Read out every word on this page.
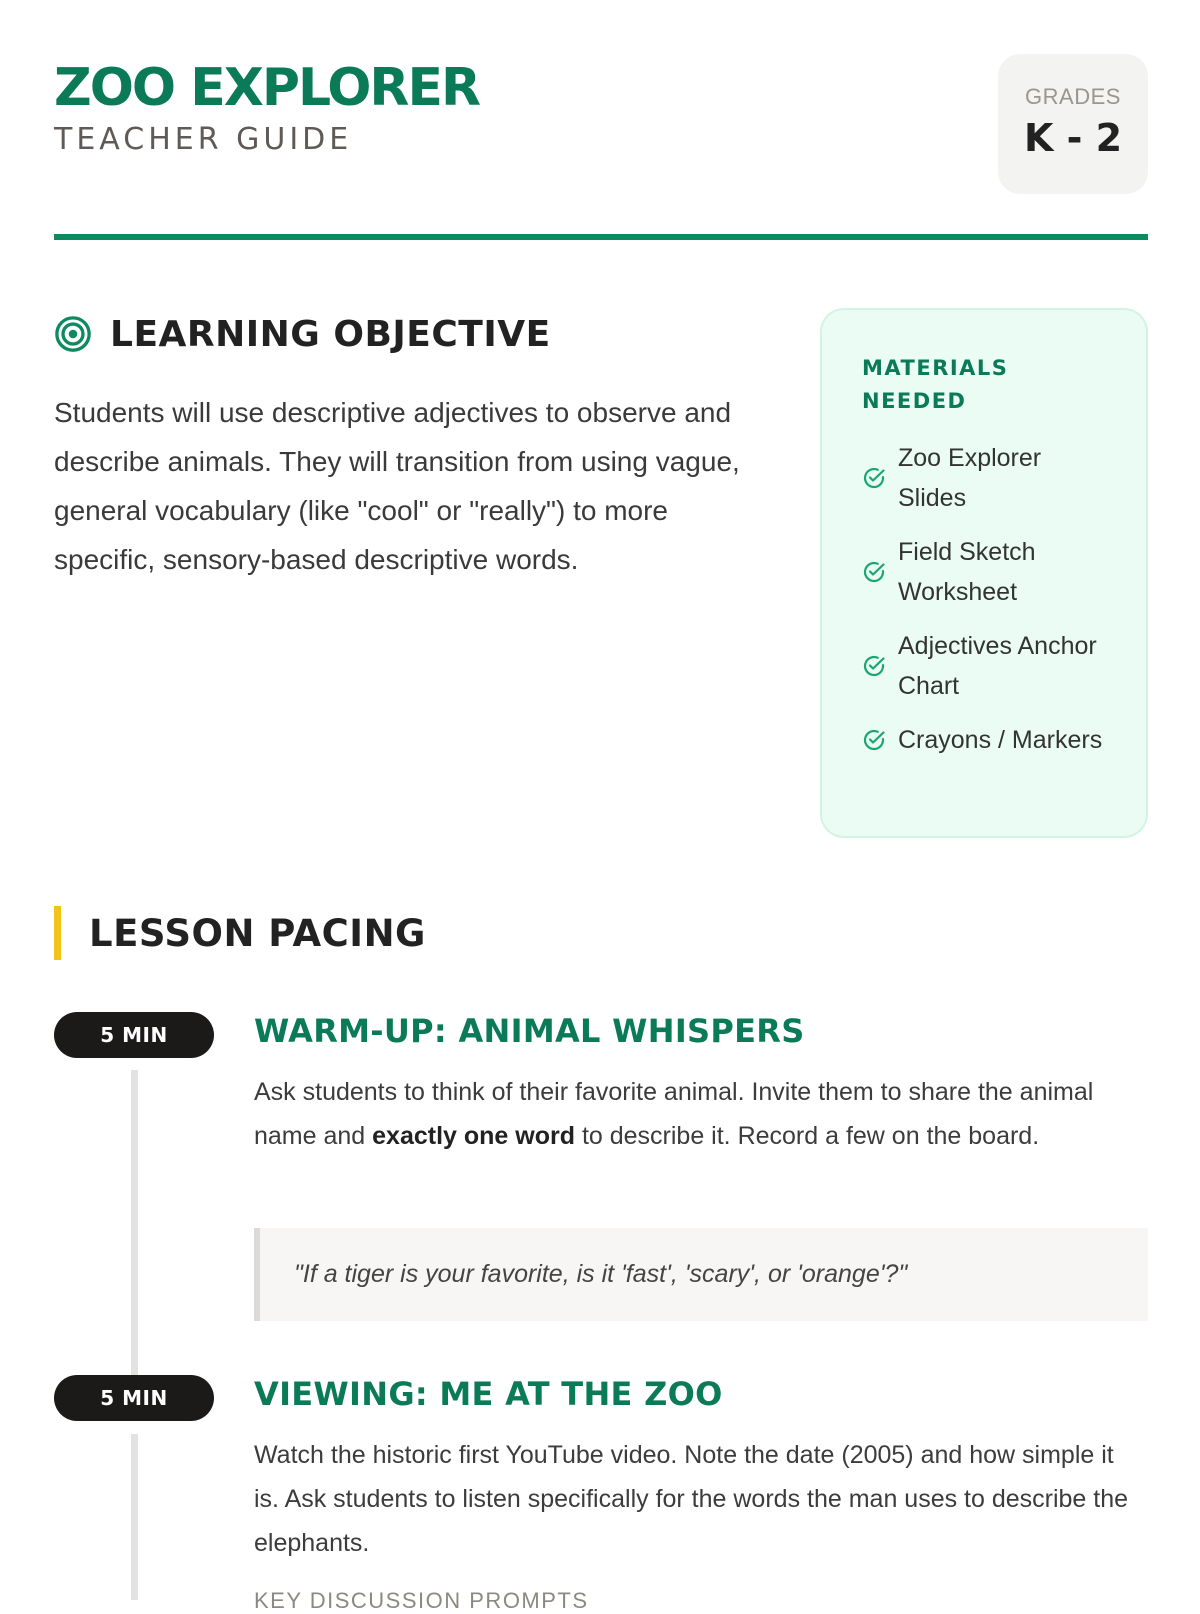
ZOO EXPLORER
TEACHER GUIDE
GRADES
K - 2
LEARNING OBJECTIVE

Students will use descriptive adjectives to observe and describe animals. They will transition from using vague, general vocabulary (like "cool" or "really") to more specific, sensory-based descriptive words.

MATERIALS NEEDED
Zoo Explorer Slides
Field Sketch Worksheet
Adjectives Anchor Chart
Crayons / Markers
LESSON PACING
5 MIN	WARM-UP: ANIMAL WHISPERS

Ask students to think of their favorite animal. Invite them to share the animal name and exactly one word to describe it. Record a few on the board.

"If a tiger is your favorite, is it 'fast', 'scary', or 'orange'?"
5 MIN	VIEWING: ME AT THE ZOO

Watch the historic first YouTube video. Note the date (2005) and how simple it is. Ask students to listen specifically for the words the man uses to describe the elephants.

KEY DISCUSSION PROMPTS
